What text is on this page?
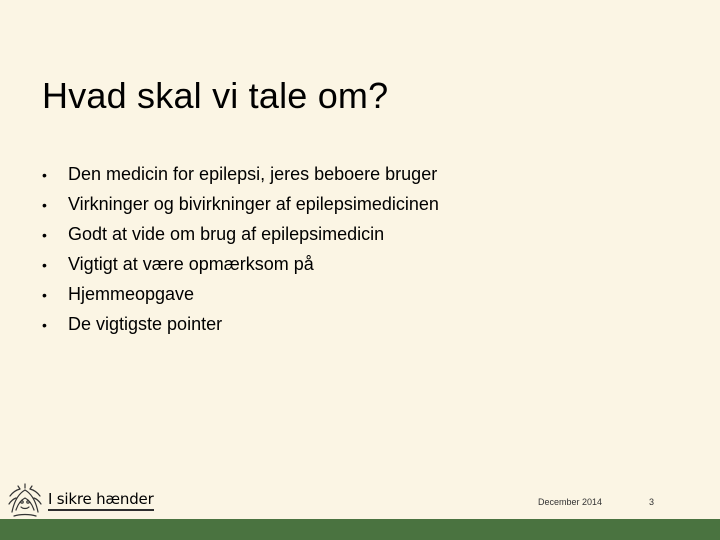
Hvad skal vi tale om?
•	Den medicin for epilepsi, jeres beboere bruger
•	Virkninger og bivirkninger af epilepsimedicinen
•	Godt at vide om brug af epilepsimedicin
•	Vigtigt at være opmærksom på
•	Hjemmeopgave
•	De vigtigste pointer
I sikre hænder	December 2014	3
